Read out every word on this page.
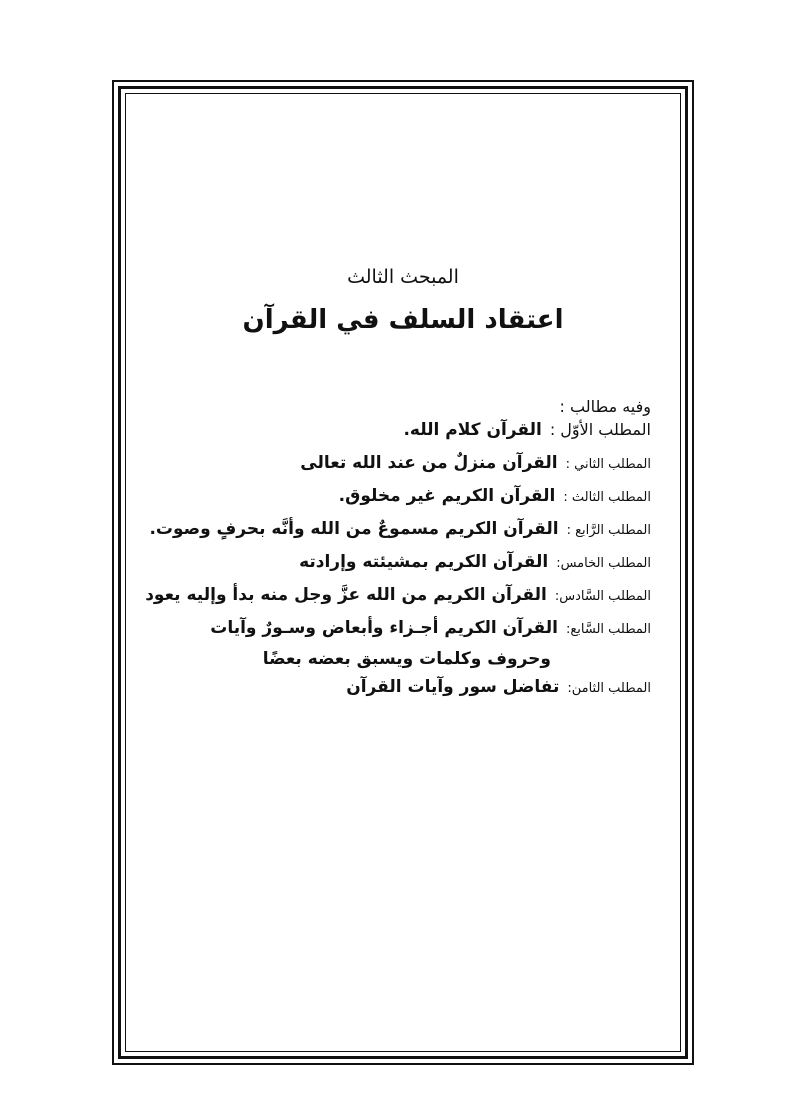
المبحث الثالث
اعتقاد السلف في القرآن
وفيه مطالب :
المطلب الأوّل :
القرآن كلام الله.
المطلب الثاني :
القرآن منزلٌ من عند الله تعالى
المطلب الثالث :
القرآن الكريم غير مخلوق.
المطلب الرَّابع :
القرآن الكريم مسموعٌ من الله وأنَّه بحرفٍ وصوت.
المطلب الخامس:
القرآن الكريم بمشيئته وإرادته
المطلب السَّادس:
القرآن الكريم من الله عزَّ وجل منه بدأ وإليه يعود
المطلب السَّابع:
القرآن الكريم أجـزاء وأبعاض وسـورٌ وآيات
وحروف وكلمات ويسبق بعضه بعضًا
المطلب الثامن:
تفاضل سور وآيات القرآن
